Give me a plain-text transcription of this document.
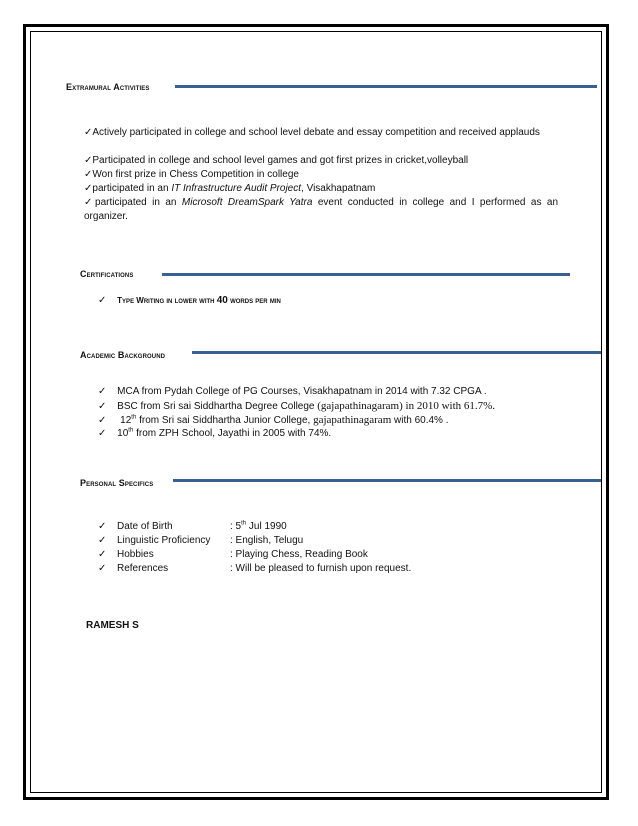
Extramural Activities
✓Actively participated in college and school level debate and essay competition and received applauds
✓Participated in college and school level games and got first prizes in cricket,volleyball
✓Won first prize in Chess Competition in college
✓participated in an IT Infrastructure Audit Project, Visakhapatnam
✓participated in an Microsoft DreamSpark Yatra event conducted in college and I performed as an organizer.
Certifications
✓ Type Writing in lower with 40 words per min
Academic Background
✓ MCA from Pydah College of PG Courses, Visakhapatnam in 2014 with 7.32 CPGA .
✓ BSC from Sri sai Siddhartha Degree College (gajapathinagaram) in 2010 with 61.7%.
✓ 12th from Sri sai Siddhartha Junior College, gajapathinagaram with 60.4% .
✓ 10th from ZPH School, Jayathi in 2005 with 74%.
Personal Specifics
✓ Date of Birth	: 5th Jul 1990
✓ Linguistic Proficiency : English, Telugu
✓ Hobbies	: Playing Chess, Reading Book
✓ References	: Will be pleased to furnish upon request.
RAMESH S
